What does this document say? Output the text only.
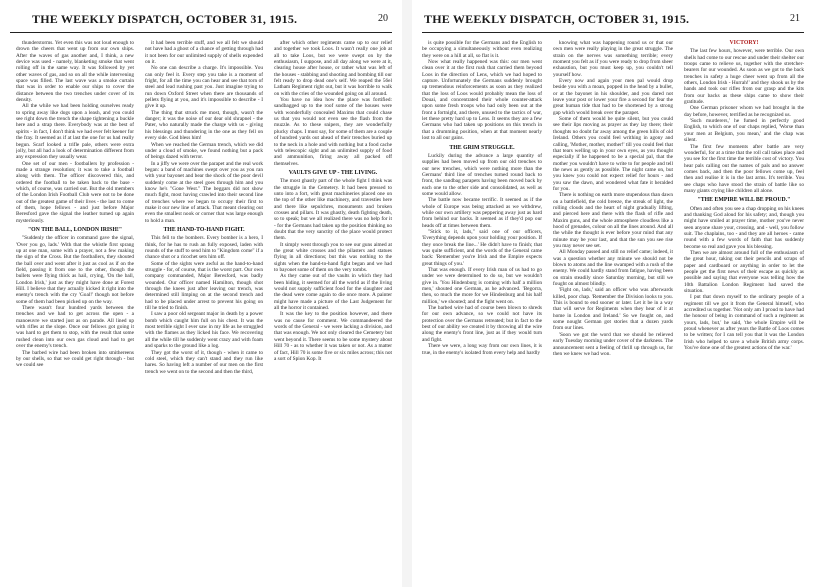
THE WEEKLY DISPATCH, OCTOBER 31, 1915.	20

thunderstorms. Yet even this was not loud enough to drown the cheers that went up from our own ships. After the waves of gas another and, I think, a new device was used - namely, blanketing smoke that went rolling off in the same way. It was followed by yet other waves of gas, and so on all the while intervening space was filled. The last wave was a smoke curtain that was in order to enable our ships to cover the distance between the two trenches under cover of its density.

All the while we had been holding ourselves ready to spring away like dogs upon a leash, and you could see right down the trench the shape tightening a buckle here and a strap there. Everybody was at the best of spirits - in fact, I don't think we had ever felt keener for the fray. It seemed as if at last the one for us had really begun. Scarf looked a trifle pale, others were extra jolly, but all had a look of determination different from any expression they usually wear.

One set of our men - footballers by profession - made a strange resolution; it was to take a football along with them. The officer discovered this, and ordered the football to be taken back to the base - which, of course, was carried out. But the old members of the London Irish Football Club were not to be done out of the greatest game of their lives - the last to come of them, hope fellows - and just before Major Beresford gave the signal the leather turned up again mysteriously.

"ON THE BALL, LONDON IRISH!"

"Suddenly the officer in command gave the signal, 'Over you go, lads.' With that the whistle first sprang up at one man, some with a prayer, not a few making the sign of the Cross. But the footballers, they shouted the ball over and went after it just as cool as if on the field, passing it from one to the other, though the bullets were flying thick as hail, crying, 'On the ball, London Irish,' just as they might have done at Forest Hill. I believe that they actually kicked it right into the enemy's trench with the cry 'Goal!' though not before some of them had been picked up on the way.

There wasn't four hundred yards between the trenches and we had to get across the open - a manoeuvre we started just as on parade. All lined up with rifles at the slope. Once our fellows got going it was hard to get them to stop, with the result that some rushed clean into our own gas cloud and had to get over the enemy's trench.

The barbed wire had been broken into smithereens by our shells, so that we could get right through - but we could see

it had been terrible stuff, and we all felt we should not have had a ghost of a chance of getting through had it not been for our unlimited supply of shells expended on it.

No one can describe a charge. It's impossible. You can only feel it. Every step you take is a moment of fright, for all the time you can hear and see that torn of steel and lead rushing past you. Just imagine trying to run down Oxford Street when there are thousands of pellets flying at you, and it's impossible to describe - I give it up.

The thing that struck me most, though, wasn't the danger; it was the noise of our dear old shrapnel - the Pater, who naturally made the charge with us - giving his blessings and thundering in the one as they fell on every side. God bless him!

When we reached the German trench, which we did under a cloud of smoke, we found nothing but a pack of beings dazed with terror.

In a jiffy we were over the parapet and the real work began: a band of machines swept over you as you ran with your bayonet and bear the shock of the poor devil suddenly come at the steel goes through him and you know he's "Gone West." The beggars did not show much fight, most having crawled into their second line of trenches where we began to occupy their first to make it our new line of attack. That meant clearing out even the smallest nook or corner that was large enough to hold a man.

THE HAND-TO-HAND FIGHT.

This fell to the bombers. Every bomber is a hero, I think, for he has to rush an fully exposed, laden with rounds of the stuff to send him to "Kingdom come" if a chance shot or a ricochet sets him off.

Some of the sights were awful as the hand-to-hand struggle - for, of course, that is the worst part. Our own company commanded, Major Beresford, was badly wounded. Our officer named Hamilton, though shot through the knees just after leaving our trench, was determined still limping on at the second trench and had to be placed under arrest to prevent his going on till he tried to finish.

I saw a poor old sergeant major in death by a power bomb which caught him full on his chest. It was the most terrible sight I ever saw in my life as he struggled with the flames as they licked his face. We recovering all the while till he suddenly went crazy and with foam and sparks to the ground like a log.

They got the worst of it, though - when it came to cold steel, which they can't stand and they run like hares. So having left a number of our men on the first trench we went on to the second and then the third,

after which other regiments came up to our relief and together we took Loos. It wasn't really one job at all to take Loos, but we were swept on by the enthusiasm, I suppose, and all day along we were at it, clearing house after house, or rather what was left of the houses - stabbing and shooting and bombing till our felt ready to drop dead one's self. We reaped the 56el Latham Regiment right out, but it was horrible to walk on with the cries of the wounded going on all around.

You have no idea how the place was fortified: sandbagged up to the roof some of the houses were with wonderfully concealed Maxims that could chase us that you would not even see the flash from the muzzle. As to these snipers, they are wonderfully plucky chaps. I must say, for some of them are a couple of hundred yards out ahead of their trenches buried up to the neck in a hole and with nothing but a food cache with telescopic sight and an unlimited supply of food and ammunition, firing away all packed off themselves.

VAULTS GIVE UP - THE LIVING.

The most ghastly part of the whole fight I think was the struggle in the Cemetery. It had been pressed to unto into a fort, with great machineries placed one on the top of the other like machinery, and travesties here and there like sepulchres, monuments and broken crosses and pillars. It was ghastly, death fighting death, so to speak; but we all realized there was no help for it - for the Germans had taken up the position thinking no doubt that the very sanctity of the place would protect them.

It simply went through you to see our guns aimed at the great white crosses and the pilasters and statues flying in all directions; but this was nothing to the sights when the hand-to-hand fight began and we had to bayonet some of them on the very tombs.

As they came out of the vaults in which they had been hiding, it seemed for all the world as if the living would not supply sufficient food for the slaughter and the dead were come again to die once more. A painter might have made a picture of the Last Judgement for all the horror it contained.

It was the key to the position however, and there was no cause for comment. We commandeered the words of the General - we were lacking a division, and that was enough. We not only cleared the Cemetery but went beyond it. There seems to be some mystery about Hill 70 - as to whether it was taken or not. As a matter of fact, Hill 70 is some five or six miles across; this not a sort of Spion Kop. It

THE WEEKLY DISPATCH, OCTOBER 31, 1915.	21

is quite possible for the Germans and the English to be occupying a simultaneously without even realizing they were on a hill at all, so flat is it.

Now what really happened was this: our men went clean over it at the first rush that carried them beyond Loos in the direction of Lens, which we had hoped to capture. Unfortunately the Germans suddenly brought up tremendous reinforcements as soon as they realized that the loss of Loos would probably mean the loss of Douai, and concentrated their whole counter-attack upon some fresh troops who had only been out at the front a fortnight, and there, unused to the tactics of war, let these pretty hard up to Lens. It seems they are a few Germans who had taken up positions on this trench in that a drumming position, when at that moment nearly lost to all our gains.

THE GRIM STRUGGLE.

Luckily during the advance a large quantity of supplies had been moved up from our old trenches to our new trenches, which were nothing more than the Germans' third line of trenches turned round back to front, the sandbag parapets having been moved back by each one to the other side and consolidated, as well as some would allow.

The battle now became terrific. It seemed as if the whole of Europe was being attacked as we withdrew, while our own artillery was peppering away just as hard from behind our backs. It seemed as if they'd pop our heads off at times between them.

"Stick to it, lads," said one of our officers, 'Everything depends upon your holding your position. If they once break the line...' He didn't have to finish; that was quite sufficient, and the words of the General came back: 'Remember you're Irish and the Empire expects great things of you.'

That was enough. If every Irish man of us had to go under we were determined to do so, but we wouldn't give in. 'You Hindenburg is coming with half a million men,' shouted one German, as he advanced. 'Begorra, then, so much the more for we Hindenburg and his half million,' we shouted; and the fight went on.

The barbed wire had of course been blown to shreds for our own advance, so we could not have its protection over the Germans retreated; but in fact to the best of our ability we created it by throwing all the wire along the enemy's front line, just as if they would turn and fight.

There we were, a long way from our own lines, it is true, in the enemy's isolated from every help and hardly

knowing what was happening round us or that our own men were really playing in the great struggle. The strain on the nerves was something terrible; every moment you felt as if you were ready to drop from sheer exhaustion, but you must keep up, you couldn't tell yourself how.

Every now and again your men pal would drop beside you with a moan, popped in the head by a bullet, or at the bayonet in his shoulder, and you dared not leave your post or lower your fire a second for fear the great human tide that had to be shortened by a strong gap which would break over the parapet.

Some of them would be quite silent, but you could see their lips moving as prayer as they lay there; their thoughts no doubt far away among the green hills of old Ireland. Others you could feel writhing in agony and calling, 'Mother, mother, mother!' till you could feel that that tears welling up in your own eyes, as you thought especially if he happened to be a special pal, that the mother you wouldn't have to write to for people and tell the news as gently as possible. The night came on, but you knew you could not expect relief for hours - and you saw the dawn, and wondered what fate it heralded for you.

There is nothing on earth more stupendous than dawn on a battlefield, the cold breeze, the streak of light, the rolling clouds and the heart of night gradually lifting, and pierced here and there with the flash of rifle and Maxim guns, and the whole atmosphere cloudless like a hood of grenades, colour on all the lines around. And all the while the thought is ever before your mind that any minute may be your last, and that the sun you see rise you may never see set.

All Monday passed and still no relief came; indeed, it was a question whether any minute we should not be blown to atoms and the line swamped with a rush of the enemy. We could hardly stand from fatigue, having been on strain steadily since Saturday morning, but still we fought on almost blindly.

'Fight on, lads,' said an officer who was afterwards killed, poor chap. 'Remember the Division looks to you. This is bound to end sooner or later. Let it be in a way that will serve for Regiments when they hear of it at home in London and Ireland.' So we fought on, and some nought German got stories that a dozen yards from our lines.

'Soon we got the word that we should be relieved early Tuesday morning under cover of the darkness. The announcement sent a feeling of thrill up through us, for then we knew we had won.

VICTORY!

The last few hours, however, were terrible. Our own shells had come to our rescue and under their shelter our troops came to relieve us, together with the stretcher-bearers for our wounded. As soon as we got to the back trenches in safety a huge cheer went up from all the others, London Irish - Hurrah!' and they shook us by the hands and took our rifles from our grasp and the kits from our backs as these ships came to show their gratitude.

One German prisoner whom we had brought in the day before, however, terrified as he recognized us.

'Such murderers,' he fumed in perfectly good English, to which one of our chaps replied, 'Worse than your men at Belgium, you mean,' and the chap was silent.

The first few moments after battle are very wonderful, for at a time that the roll call takes place and you see for the first time the terrible cost of victory. You hear pals calling out the names of pals and no answer comes back, and then the poor fellows come up, feel then and realise it is in the last arms. It's terrible. You see chaps who have stood the strain of battle like so many giants crying like children all alone.

"THE EMPIRE WILL BE PROUD."

Often and often you see a chap dropping on his knees and thanking God aloud for his safety; and, though you might have smiled at prayer time, mother you've never seen anyone share your, crossing, and - well, you follow suit. The chaplains, too - and they are all heroes - came round with a few words of faith that has suddenly become so real and gave you his blessing.

Then we are almost around full of the enthusiasm of the great hour, taking out their pencils and scraps of paper and cardboard or anything in order to let the people get the first news of their escape as quickly as possible and saying that everyone was telling how the 10th Battalion London Regiment had saved the situation.

I put that down myself to the ordinary people of a regiment till we got it from the General himself, who accredited us together. 'Not only am I proud to have had the honour of being in command of such a regiment as yours, lads, but,' he said, 'the whole Empire will be proud whenever as after years the Battle of Loos comes to be written; for I can tell you that it was the London Irish who helped to save a whole British army corps. You've done one of the greatest actions of the war.'
